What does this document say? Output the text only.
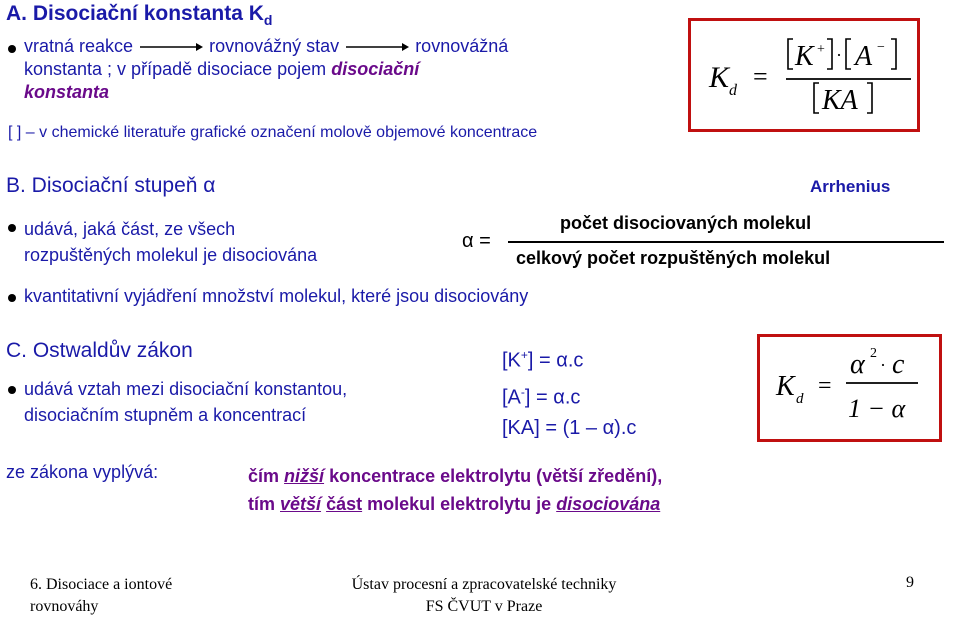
A. Disociační konstanta $K_d$
vratná reakce	rovnovážný stav	rovnovážná
konstanta ; v případě disociace pojem disociační
konstanta
[ ] – v chemické literatuře grafické označení molově objemové koncentrace
K d =
K + · A −
KA
B. Disociační stupeň α	Arrhenius
udává, jaká část, ze všech
rozpuštěných molekul je disociována
α =
počet disociovaných molekul
celkový počet rozpuštěných molekul
kvantitativní vyjádření množství molekul, které jsou disociovány
C. Ostwaldův zákon
udává vztah mezi disociační konstantou,
disociačním stupněm a koncentrací
[K+] = α.c
[A-] = α.c
[KA] = (1 – α).c
K d =
α 2
· c
1 − α
ze zákona vyplývá:	čím nižší koncentrace elektrolytu (větší zředění),
tím větší část molekul elektrolytu je disociována
6. Disociace a iontové
rovnováhy
Ústav procesní a zpracovatelské techniky
FS ČVUT v Praze
9
